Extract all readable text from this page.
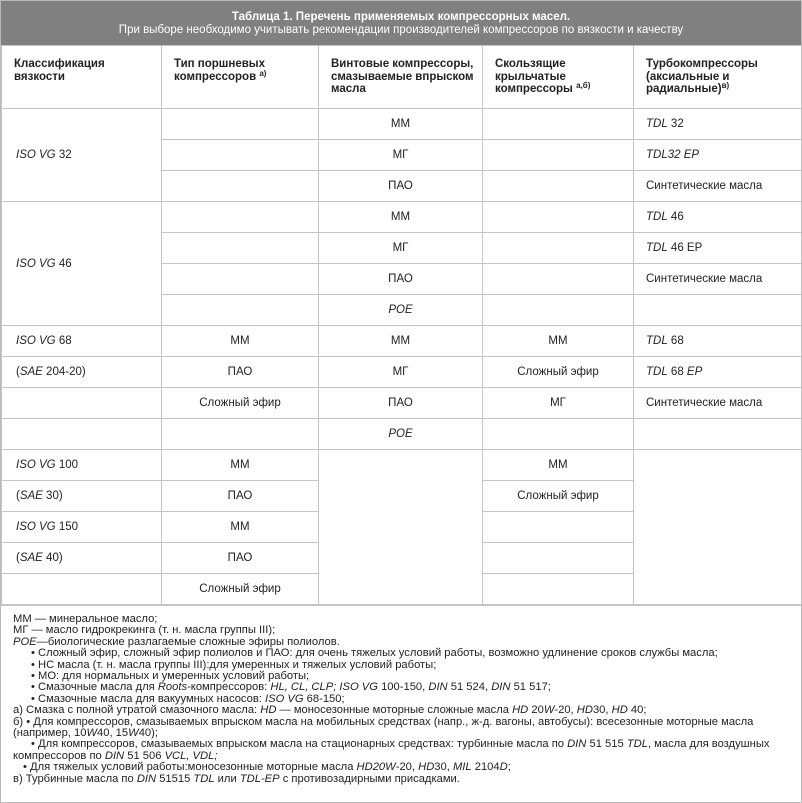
Таблица 1. Перечень применяемых компрессорных масел.
При выборе необходимо учитывать рекомендации производителей компрессоров по вязкости и качеству
Классификация вязкости	Тип поршневых компрессоров $^{а)}$	Винтовые компрессоры, смазываемые впрыском масла	Скользящие крыльчатые компрессоры $^{а,б)}$	Турбокомпрессоры (аксиальные и радиальные)$^{в)}$

ISO VG 32		ММ		TDL 32
		МГ		TDL32 EP
		ПАО		Синтетические масла
ISO VG 46		ММ		TDL 46
		МГ		TDL 46 EP
		ПАО		Синтетические масла
		POE		
ISO VG 68	ММ	ММ	ММ	TDL 68
(SAE 204-20)	ПАО	МГ	Сложный эфир	TDL 68 EP
	Сложный эфир	ПАО	МГ	Синтетические масла
		POE		
ISO VG 100	ММ		ММ	
(SAE 30)	ПАО		Сложный эфир	
ISO VG 150	ММ			
(SAE 40)	ПАО			
	Сложный эфир			
ММ — минеральное масло;
МГ — масло гидрокрекинга (т. н. масла группы III);
POE—биологические разлагаемые сложные эфиры полиолов.
• Сложный эфир, сложный эфир полиолов и ПАО: для очень тяжелых условий работы, возможно удлинение сроков службы масла;
• НС масла (т. н. масла группы III):для умеренных и тяжелых условий работы;
• МО: для нормальных и умеренных условий работы;
• Смазочные масла для Roots-компрессоров: HL, CL, CLP; ISO VG 100-150, DIN 51 524, DIN 51 517;
• Смазочные масла для вакуумных насосов: ISO VG 68-150;
а) Смазка с полной утратой смазочного масла: HD — моносезонные моторные сложные масла HD 20W-20, HD30, HD 40;
б) • Для компрессоров, смазываемых впрыском масла на мобильных средствах (напр., ж-д. вагоны, автобусы): всесезонные моторные масла
(например, 10W40, 15W40);
• Для компрессоров, смазываемых впрыском масла на стационарных средствах: турбинные масла по DIN 51 515 TDL, масла для воздушных
компрессоров по DIN 51 506 VCL, VDL;
• Для тяжелых условий работы:моносезонные моторные масла HD20W-20, HD30, MIL 2104D;
в) Турбинные масла по DIN 51515 TDL или TDL-EP с противозадирными присадками.
